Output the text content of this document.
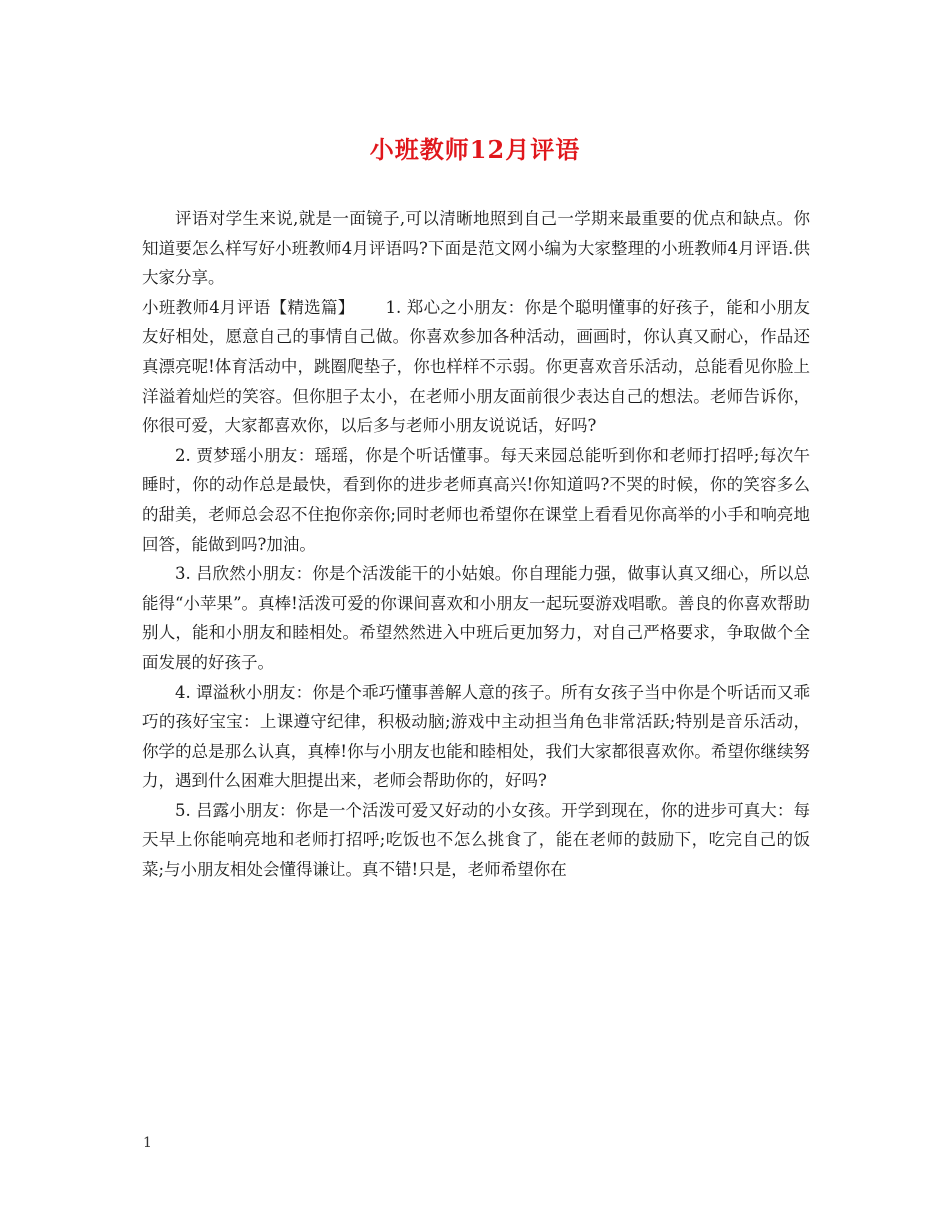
小班教师12月评语

评语对学生来说,就是一面镜子,可以清晰地照到自己一学期来最重要的优点和缺点。你知道要怎么样写好小班教师4月评语吗?下面是范文网小编为大家整理的小班教师4月评语.供大家分享。

小班教师4月评语【精选篇】　　 1. 郑心之小朋友：你是个聪明懂事的好孩子，能和小朋友友好相处，愿意自己的事情自己做。你喜欢参加各种活动，画画时，你认真又耐心，作品还真漂亮呢!体育活动中，跳圈爬垫子，你也样样不示弱。你更喜欢音乐活动，总能看见你脸上洋溢着灿烂的笑容。但你胆子太小，在老师小朋友面前很少表达自己的想法。老师告诉你，你很可爱，大家都喜欢你，以后多与老师小朋友说说话，好吗?

2. 贾梦瑶小朋友：瑶瑶，你是个听话懂事。每天来园总能听到你和老师打招呼;每次午睡时，你的动作总是最快，看到你的进步老师真高兴!你知道吗?不哭的时候，你的笑容多么的甜美，老师总会忍不住抱你亲你;同时老师也希望你在课堂上看看见你高举的小手和响亮地回答，能做到吗?加油。

3. 吕欣然小朋友：你是个活泼能干的小姑娘。你自理能力强，做事认真又细心，所以总能得“小苹果”。真棒!活泼可爱的你课间喜欢和小朋友一起玩耍游戏唱歌。善良的你喜欢帮助别人，能和小朋友和睦相处。希望然然进入中班后更加努力，对自己严格要求，争取做个全面发展的好孩子。

4. 谭溢秋小朋友：你是个乖巧懂事善解人意的孩子。所有女孩子当中你是个听话而又乖巧的孩好宝宝：上课遵守纪律，积极动脑;游戏中主动担当角色非常活跃;特别是音乐活动，你学的总是那么认真，真棒!你与小朋友也能和睦相处，我们大家都很喜欢你。希望你继续努力，遇到什么困难大胆提出来，老师会帮助你的，好吗?

5. 吕露小朋友：你是一个活泼可爱又好动的小女孩。开学到现在，你的进步可真大：每天早上你能响亮地和老师打招呼;吃饭也不怎么挑食了，能在老师的鼓励下，吃完自己的饭菜;与小朋友相处会懂得谦让。真不错!只是，老师希望你在

1
